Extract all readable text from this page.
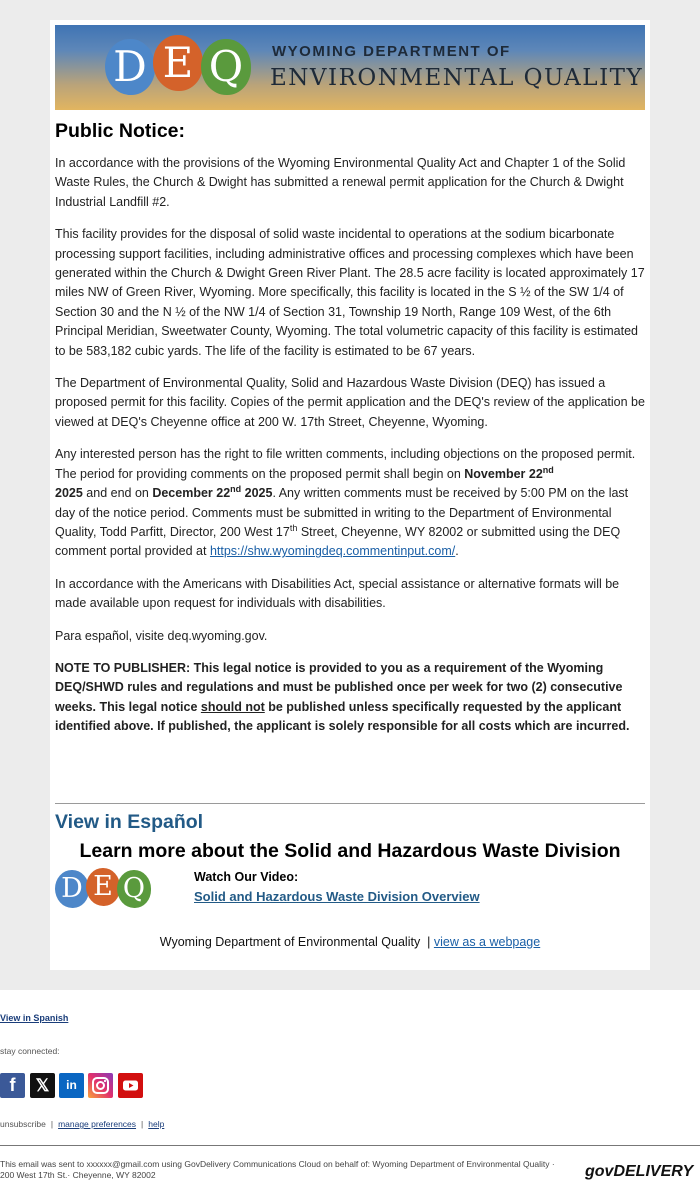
D E Q	WYOMING DEPARTMENT OF
ENVIRONMENTAL QUALITY
Public Notice:

In accordance with the provisions of the Wyoming Environmental Quality Act and Chapter 1 of the Solid Waste Rules, the Church & Dwight has submitted a renewal permit application for the Church & Dwight Industrial Landfill #2.

This facility provides for the disposal of solid waste incidental to operations at the sodium bicarbonate processing support facilities, including administrative offices and processing complexes which have been generated within the Church & Dwight Green River Plant. The 28.5 acre facility is located approximately 17 miles NW of Green River, Wyoming. More specifically, this facility is located in the S ½ of the SW 1/4 of Section 30 and the N ½ of the NW 1/4 of Section 31, Township 19 North, Range 109 West, of the 6th Principal Meridian, Sweetwater County, Wyoming. The total volumetric capacity of this facility is estimated to be 583,182 cubic yards. The life of the facility is estimated to be 67 years.

The Department of Environmental Quality, Solid and Hazardous Waste Division (DEQ) has issued a proposed permit for this facility. Copies of the permit application and the DEQ's review of the application be viewed at DEQ's Cheyenne office at 200 W. 17th Street, Cheyenne, Wyoming.

Any interested person has the right to file written comments, including objections on the proposed permit. The period for providing comments on the proposed permit shall begin on November 22nd
2025 and end on December 22nd 2025. Any written comments must be received by 5:00 PM on the last day of the notice period. Comments must be submitted in writing to the Department of Environmental Quality, Todd Parfitt, Director, 200 West 17th Street, Cheyenne, WY 82002 or submitted using the DEQ comment portal provided at https://shw.wyomingdeq.commentinput.com/.

In accordance with the Americans with Disabilities Act, special assistance or alternative formats will be made available upon request for individuals with disabilities.

Para español, visite deq.wyoming.gov.

NOTE TO PUBLISHER: This legal notice is provided to you as a requirement of the Wyoming DEQ/SHWD rules and regulations and must be published once per week for two (2) consecutive weeks. This legal notice should not be published unless specifically requested by the applicant identified above. If published, the applicant is solely responsible for all costs which are incurred.

View in Español
Learn more about the Solid and Hazardous Waste Division
D E Q	Watch Our Video:
Solid and Hazardous Waste Division Overview
Wyoming Department of Environmental Quality | view as a webpage
View in Spanish
stay connected:
f	𝕏	in
unsubscribe | manage preferences | help
This email was sent to xxxxxx@gmail.com using GovDelivery Communications Cloud on behalf of: Wyoming Department of Environmental Quality · 200 West 17th St.· Cheyenne, WY 82002	govDELIVERY
